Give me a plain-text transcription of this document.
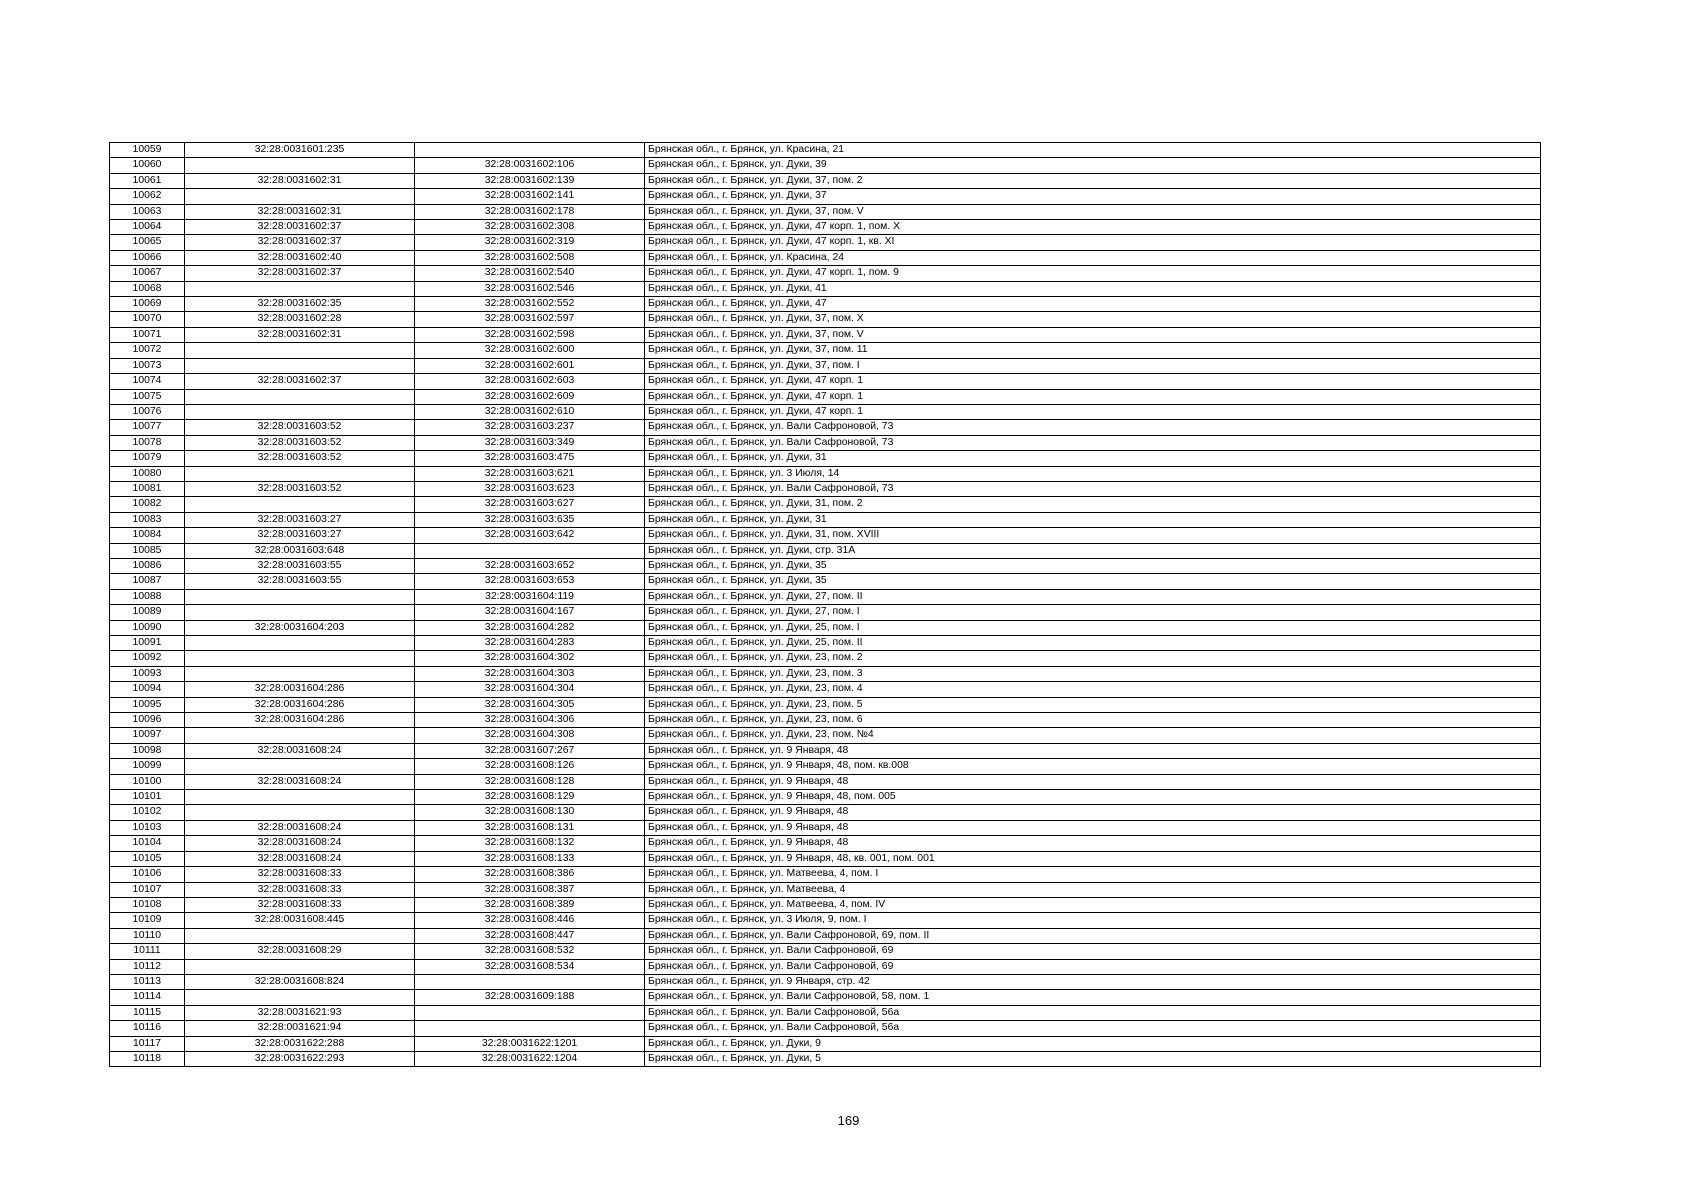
10059	32:28:0031601:235		Брянская обл., г. Брянск, ул. Красина, 21
10060		32:28:0031602:106	Брянская обл., г. Брянск, ул. Дуки, 39
10061	32:28:0031602:31	32:28:0031602:139	Брянская обл., г. Брянск, ул. Дуки, 37, пом. 2
10062		32:28:0031602:141	Брянская обл., г. Брянск, ул. Дуки, 37
10063	32:28:0031602:31	32:28:0031602:178	Брянская обл., г. Брянск, ул. Дуки, 37, пом. V
10064	32:28:0031602:37	32:28:0031602:308	Брянская обл., г. Брянск, ул. Дуки, 47 корп. 1, пом. X
10065	32:28:0031602:37	32:28:0031602:319	Брянская обл., г. Брянск, ул. Дуки, 47 корп. 1, кв. XI
10066	32:28:0031602:40	32:28:0031602:508	Брянская обл., г. Брянск, ул. Красина, 24
10067	32:28:0031602:37	32:28:0031602:540	Брянская обл., г. Брянск, ул. Дуки, 47 корп. 1, пом. 9
10068		32:28:0031602:546	Брянская обл., г. Брянск, ул. Дуки, 41
10069	32:28:0031602:35	32:28:0031602:552	Брянская обл., г. Брянск, ул. Дуки, 47
10070	32:28:0031602:28	32:28:0031602:597	Брянская обл., г. Брянск, ул. Дуки, 37, пом. X
10071	32:28:0031602:31	32:28:0031602:598	Брянская обл., г. Брянск, ул. Дуки, 37, пом. V
10072		32:28:0031602:600	Брянская обл., г. Брянск, ул. Дуки, 37, пом. 11
10073		32:28:0031602:601	Брянская обл., г. Брянск, ул. Дуки, 37, пом. I
10074	32:28:0031602:37	32:28:0031602:603	Брянская обл., г. Брянск, ул. Дуки, 47 корп. 1
10075		32:28:0031602:609	Брянская обл., г. Брянск, ул. Дуки, 47 корп. 1
10076		32:28:0031602:610	Брянская обл., г. Брянск, ул. Дуки, 47 корп. 1
10077	32:28:0031603:52	32:28:0031603:237	Брянская обл., г. Брянск, ул. Вали Сафроновой, 73
10078	32:28:0031603:52	32:28:0031603:349	Брянская обл., г. Брянск, ул. Вали Сафроновой, 73
10079	32:28:0031603:52	32:28:0031603:475	Брянская обл., г. Брянск, ул. Дуки, 31
10080		32:28:0031603:621	Брянская обл., г. Брянск, ул. 3 Июля, 14
10081	32:28:0031603:52	32:28:0031603:623	Брянская обл., г. Брянск, ул. Вали Сафроновой, 73
10082		32:28:0031603:627	Брянская обл., г. Брянск, ул. Дуки, 31, пом. 2
10083	32:28:0031603:27	32:28:0031603:635	Брянская обл., г. Брянск, ул. Дуки, 31
10084	32:28:0031603:27	32:28:0031603:642	Брянская обл., г. Брянск, ул. Дуки, 31, пом. XVIII
10085	32:28:0031603:648		Брянская обл., г. Брянск, ул. Дуки, стр. 31А
10086	32:28:0031603:55	32:28:0031603:652	Брянская обл., г. Брянск, ул. Дуки, 35
10087	32:28:0031603:55	32:28:0031603:653	Брянская обл., г. Брянск, ул. Дуки, 35
10088		32:28:0031604:119	Брянская обл., г. Брянск, ул. Дуки, 27, пом. II
10089		32:28:0031604:167	Брянская обл., г. Брянск, ул. Дуки, 27, пом. I
10090	32:28:0031604:203	32:28:0031604:282	Брянская обл., г. Брянск, ул. Дуки, 25, пом. I
10091		32:28:0031604:283	Брянская обл., г. Брянск, ул. Дуки, 25, пом. II
10092		32:28:0031604:302	Брянская обл., г. Брянск, ул. Дуки, 23, пом. 2
10093		32:28:0031604:303	Брянская обл., г. Брянск, ул. Дуки, 23, пом. 3
10094	32:28:0031604:286	32:28:0031604:304	Брянская обл., г. Брянск, ул. Дуки, 23, пом. 4
10095	32:28:0031604:286	32:28:0031604:305	Брянская обл., г. Брянск, ул. Дуки, 23, пом. 5
10096	32:28:0031604:286	32:28:0031604:306	Брянская обл., г. Брянск, ул. Дуки, 23, пом. 6
10097		32:28:0031604:308	Брянская обл., г. Брянск, ул. Дуки, 23, пом. №4
10098	32:28:0031608:24	32:28:0031607:267	Брянская обл., г. Брянск, ул. 9 Января, 48
10099		32:28:0031608:126	Брянская обл., г. Брянск, ул. 9 Января, 48, пом. кв.008
10100	32:28:0031608:24	32:28:0031608:128	Брянская обл., г. Брянск, ул. 9 Января, 48
10101		32:28:0031608:129	Брянская обл., г. Брянск, ул. 9 Января, 48, пом. 005
10102		32:28:0031608:130	Брянская обл., г. Брянск, ул. 9 Января, 48
10103	32:28:0031608:24	32:28:0031608:131	Брянская обл., г. Брянск, ул. 9 Января, 48
10104	32:28:0031608:24	32:28:0031608:132	Брянская обл., г. Брянск, ул. 9 Января, 48
10105	32:28:0031608:24	32:28:0031608:133	Брянская обл., г. Брянск, ул. 9 Января, 48, кв. 001, пом. 001
10106	32:28:0031608:33	32:28:0031608:386	Брянская обл., г. Брянск, ул. Матвеева, 4, пом. I
10107	32:28:0031608:33	32:28:0031608:387	Брянская обл., г. Брянск, ул. Матвеева, 4
10108	32:28:0031608:33	32:28:0031608:389	Брянская обл., г. Брянск, ул. Матвеева, 4, пом. IV
10109	32:28:0031608:445	32:28:0031608:446	Брянская обл., г. Брянск, ул. 3 Июля, 9, пом. I
10110		32:28:0031608:447	Брянская обл., г. Брянск, ул. Вали Сафроновой, 69, пом. II
10111	32:28:0031608:29	32:28:0031608:532	Брянская обл., г. Брянск, ул. Вали Сафроновой, 69
10112		32:28:0031608:534	Брянская обл., г. Брянск, ул. Вали Сафроновой, 69
10113	32:28:0031608:824		Брянская обл., г. Брянск, ул. 9 Января, стр. 42
10114		32:28:0031609:188	Брянская обл., г. Брянск, ул. Вали Сафроновой, 58, пом. 1
10115	32:28:0031621:93		Брянская обл., г. Брянск, ул. Вали Сафроновой, 56а
10116	32:28:0031621:94		Брянская обл., г. Брянск, ул. Вали Сафроновой, 56а
10117	32:28:0031622:288	32:28:0031622:1201	Брянская обл., г. Брянск, ул. Дуки, 9
10118	32:28:0031622:293	32:28:0031622:1204	Брянская обл., г. Брянск, ул. Дуки, 5
169
